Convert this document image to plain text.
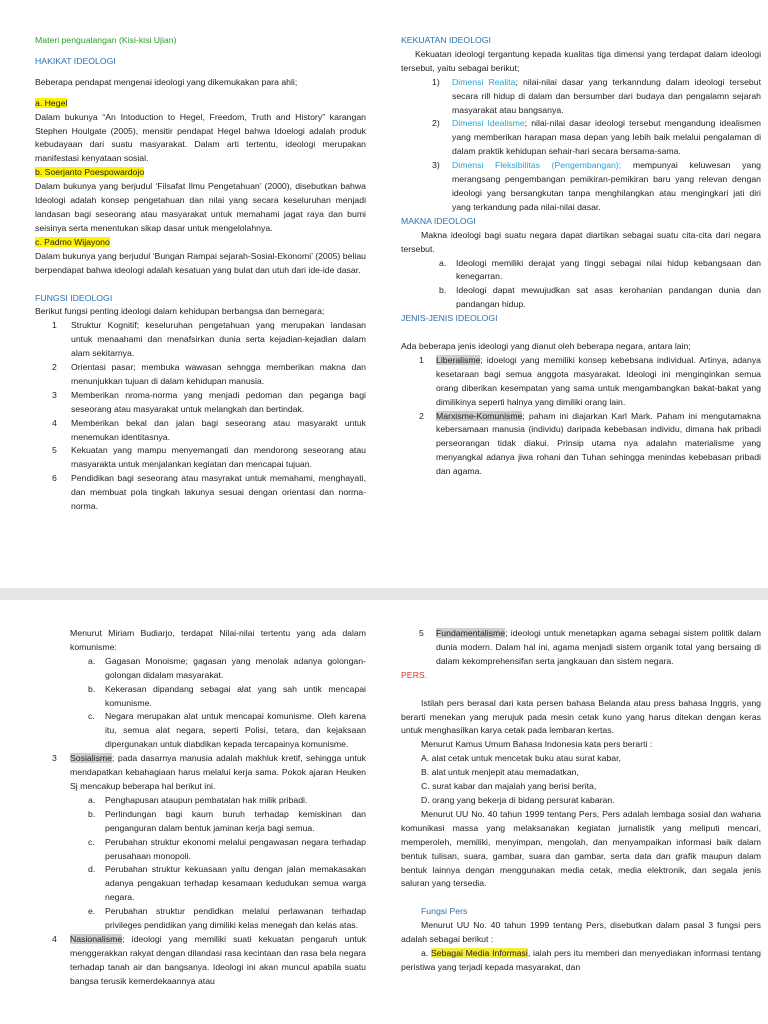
Materi pengualangan (Kisi-kisi Ujian)

HAKIKAT IDEOLOGI

Beberapa pendapat mengenai ideologi yang dikemukakan para ahli;

a. Hegel

Dalam bukunya “An Intoduction to Hegel, Freedom, Truth and History” karangan Stephen Houlgate (2005), mensitir pendapat Hegel bahwa Idoelogi adalah produk kebudayaan dari suatu masyarakat. Dalam arti tertentu, ideologi merupakan manifestasi kenyataan sosial.

b. Soerjanto Poespowardojo

Dalam bukunya yang berjudul ‘Filsafat Ilmu Pengetahuan’ (2000), disebutkan bahwa Ideologi adalah konsep pengetahuan dan nilai yang secara keseluruhan menjadi landasan bagi seseorang atau masyarakat untuk memahami jagat raya dan bumi seisinya serta menentukan sikap dasar untuk mengelolahnya.

c. Padmo Wijayono

Dalam bukunya yang berjudul ‘Bungan Rampai sejarah-Sosial-Ekonomi’ (2005) beliau berpendapat bahwa ideologi adalah kesatuan yang bulat dan utuh dari ide-ide dasar.

FUNGSI IDEOLOGI

Berikut fungsi penting ideologi dalam kehidupan berbangsa dan bernegara;

1	Struktur Kognitif; keseluruhan pengetahuan yang merupakan landasan untuk menaahami dan menafsirkan dunia serta kejadian-kejadian dalam alam sekitarnya.
2	Orientasi pasar; membuka wawasan sehngga memberikan makna dan menunjukkan tujuan di dalam kehidupan manusia.
3	Memberikan nroma-norma yang menjadi pedoman dan peganga bagi seseorang atau masyarakat untuk melangkah dan bertindak.
4	Memberikan bekal dan jalan bagi seseorang atau masyarakt untuk menemukan identitasnya.
5	Kekuatan yang mampu menyemangati dan mendorong seseorang atau masyarakta untuk menjalankan kegiatan dan mencapai tujuan.
6	Pendidikan bagi seseorang atau masyrakat untuk memahami, menghayati, dan membuat pola tingkah lakunya sesuai dengan orientasi dan norma-norma.

KEKUATAN IDEOLOGI

Kekuatan ideologi tergantung kepada kualitas tiga dimensi yang terdapat dalam ideologi tersebut, yaitu sebagai berikut;

1)	Dimensi Realita; nilai-nilai dasar yang terkanndung dalam ideologi tersebut secara rill hidup di dalam dan bersumber dari budaya dan pengalamn sejarah masyarakat atau bangsanya.
2)	Dimensi Idealisme; nilai-nilai dasar ideologi tersebut mengandung idealismen yang memberikan harapan masa depan yang lebih baik melalui pengalaman di dalam praktik kehidupan sehair-hari secara bersama-sama.
3)	Dimensi Fleksibilitas (Pengembangan); mempunyai keluwesan yang merangsang pengembangan pemikiran-pemikiran baru yang relevan dengan ideologi yang bersangkutan tanpa menghilangkan atau mengingkari jati diri yang terkandung pada nilai-nilai dasar.

MAKNA IDEOLOGI

Makna ideologi bagi suatu negara dapat diartikan sebagai suatu cita-cita dari negara tersebut.

a.	Ideologi memiliki derajat yang tinggi sebagai nilai hidup kebangsaan dan kenegarran.
b.	Ideologi dapat mewujudkan sat asas kerohanian pandangan dunia dan pandangan hidup.

JENIS-JENIS IDEOLOGI

Ada beberapa jenis ideologi yang dianut oleh beberapa negara, antara lain;

1	Liberalisme; idoelogi yang memiliki konsep kebebsana individual. Artinya, adanya kesetaraan bagi semua anggota masyarakat. Ideologi ini menginginkan semua orang diberikan kesempatan yang sama untuk mengambangkan bakat-bakat yang dimilikinya seperti halnya yang dimiliki orang lain.
2	Marxisme-Komunisme; paham ini diajarkan Karl Mark. Paham ini mengutamakna kebersamaan manusia (individu) daripada kebebasan individu, dimana hak pribadi perseorangan tidak diakui. Prinsip utama nya adalahn materialisme yang menyangkal adanya jiwa rohani dan Tuhan sehingga menindas kebebasan pribadi dan agama.

Menurut Miriam Budiarjo, terdapat Nilai-nilai tertentu yang ada dalam komunisme:

a.	Gagasan Monoisme; gagasan yang menolak adanya golongan-golongan didalam masyarakat.
b.	Kekerasan dipandang sebagai alat yang sah untik mencapai komunisme.
c.	Negara merupakan alat untuk mencapai komunisme. Oleh karena itu, semua alat negara, seperti Polisi, tetara, dan kejaksaan dipergunakan untuk diabdikan kepada tercapainya komunisme.
3	Sosialisme; pada dasarnya manusia adalah makhluk kretif, sehingga untuk mendapatkan kebahagiaan harus melalui kerja sama. Pokok ajaran Heuken Sj mencakup beberapa hal berikut ini.
a.	Penghapusan ataupun pembatalan hak milik pribadi.
b.	Perlindungan bagi kaum buruh terhadap kemiskinan dan penganguran dalam bentuk jaminan kerja bagi semua.
c.	Perubahan struktur ekonomi melalui pengawasan negara terhadap perusahaan monopoli.
d.	Perubahan struktur kekuasaan yaitu dengan jalan memakasakan adanya pengakuan terhadap kesamaan kedudukan semua warga negara.
e.	Perubahan struktur pendidkan melalui perlawanan terhadap privileges pendidikan yang dimiliki kelas menegah dan kelas atas.
4	Nasionalisme; ideologi yang memiliki suati kekuatan pengaruh untuk menggerakkan rakyat dengan dilandasi rasa kecintaan dan rasa bela negara terhadap tanah air dan bangsanya. Ideologi ini akan muncul apabila suatu bangsa terusik kemerdekaannya atau
5	Fundamentalisme; ideologi untuk menetapkan agama sebagai sistem politik dalam dunia modern. Dalam hal ini, agama menjadi sistem organik total yang bersaing di dalam kekomprehensifan serta jangkauan dan sistem negara.

PERS.

Istilah pers berasal dari kata persen bahasa Belanda atau press bahasa Inggris, yang berarti menekan yang merujuk pada mesin cetak kuno yang harus ditekan dengan keras untuk menghasilkan karya cetak pada lembaran kertas.

Menurut Kamus Umum Bahasa Indonesia kata pers berarti :

A. alat cetak untuk mencetak buku atau surat kabar,

B. alat untuk menjepit atau memadatkan,

C. surat kabar dan majalah yang berisi berita,

D. orang yang bekerja di bidang persurat kabaran.

Menurut UU No. 40 tahun 1999 tentang Pers, Pers adalah lembaga sosial dan wahana komunikasi massa yang melaksanakan kegiatan jurnalistik yang meliputi mencari, memperoleh, memiliki, menyimpan, mengolah, dan menyampaikan informasi baik dalam bentuk tulisan, suara, gambar, suara dan gambar, serta data dan grafik maupun dalam bentuk lainnya dengan menggunakan media cetak, media elektronik, dan segala jenis saluran yang tersedia.

Fungsi Pers

Menurut UU No. 40 tahun 1999 tentang Pers, disebutkan dalam pasal 3 fungsi pers adalah sebagai berikut :

a. Sebagai Media Informasi, ialah pers itu memberi dan menyediakan informasi tentang peristiwa yang terjadi kepada masyarakat, dan
